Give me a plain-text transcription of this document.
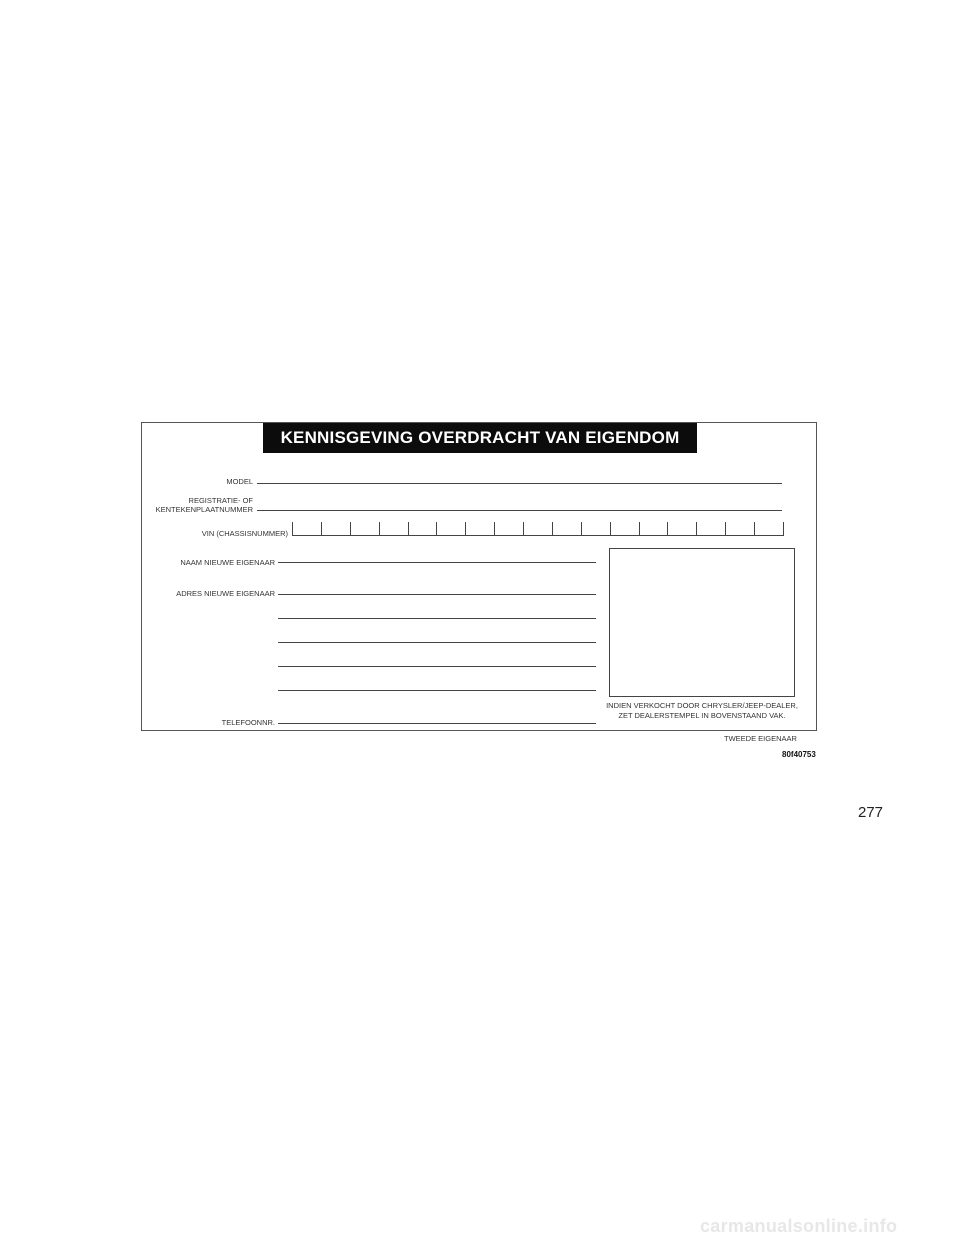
KENNISGEVING OVERDRACHT VAN EIGENDOM
MODEL
REGISTRATIE- OF
KENTEKENPLAATNUMMER
VIN (CHASSISNUMMER)
NAAM NIEUWE EIGENAAR
ADRES NIEUWE EIGENAAR
TELEFOONNR.
INDIEN VERKOCHT DOOR CHRYSLER/JEEP-DEALER,
ZET DEALERSTEMPEL IN BOVENSTAAND VAK.
TWEEDE EIGENAAR
80f40753
277
carmanualsonline.info
